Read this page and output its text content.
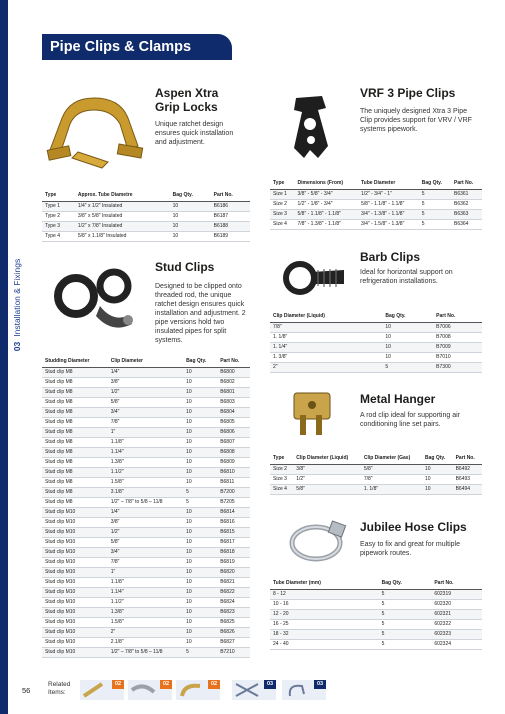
03Installation & Fixings
Pipe Clips & Clamps
Aspen Xtra
Grip Locks
Unique ratchet design ensures quick installation and adjustment.
Type	Approx. Tube Diametre	Bag Qty.	Part No.
Type 1	1/4" x 1/2" Insulated	10	B6186
Type 2	3/8" x 5/8" Insulated	10	B6187
Type 3	1/2" x 7/8" Insulated	10	B6188
Type 4	5/8" x 1.1/8" Insulated	10	B6189
VRF 3 Pipe Clips
The uniquely designed Xtra 3 Pipe Clip provides support for VRV / VRF systems pipework.
Type	Dimensions (From)	Tube Diameter	Bag Qty.	Part No.
Size 1	3/8" - 5/8" - 3/4"	1/2" - 3/4" - 1"	5	B6361
Size 2	1/2" - 1/8" - 3/4"	5/8" - 1.1/8" - 1.1/8"	5	B6362
Size 3	5/8" - 1.1/8" - 1.1/8"	3/4" - 1.3/8" - 1.1/8"	5	B6363
Size 4	7/8" - 1.3/8" - 1.1/8"	3/4" - 1.5/8" - 1.3/8"	5	B6364
Stud Clips
Designed to be clipped onto threaded rod, the unique ratchet design ensures quick installation and adjustment. 2 pipe versions hold two insulated pipes for split systems.
Studding Diameter	Clip Diameter	Bag Qty.	Part No.
Stud clip M8	1/4"	10	B6800
Stud clip M8	3/8"	10	B6802
Stud clip M8	1/2"	10	B6801
Stud clip M8	5/8"	10	B6803
Stud clip M8	3/4"	10	B6804
Stud clip M8	7/8"	10	B6805
Stud clip M8	1"	10	B6806
Stud clip M8	1.1/8"	10	B6807
Stud clip M8	1.1/4"	10	B6808
Stud clip M8	1.3/8"	10	B6809
Stud clip M8	1.1/2"	10	B6810
Stud clip M8	1.5/8"	10	B6811
Stud clip M8	3.1/8"	5	B7200
Stud clip M8	1/2" – 7/8" to 5/8 – 11/8	5	B7205
Stud clip M10	1/4"	10	B6814
Stud clip M10	3/8"	10	B6816
Stud clip M10	1/2"	10	B6815
Stud clip M10	5/8"	10	B6817
Stud clip M10	3/4"	10	B6818
Stud clip M10	7/8"	10	B6819
Stud clip M10	1"	10	B6820
Stud clip M10	1.1/8"	10	B6821
Stud clip M10	1.1/4"	10	B6822
Stud clip M10	1.1/2"	10	B6824
Stud clip M10	1.3/8"	10	B6823
Stud clip M10	1.5/8"	10	B6825
Stud clip M10	2"	10	B6826
Stud clip M10	2.1/8"	10	B6827
Stud clip M10	1/2" – 7/8" to 5/8 – 11/8	5	B7210
Barb Clips
Ideal for horizontal support on refrigeration installations.
Clip Diameter (Liquid)	Bag Qty.	Part No.
7/8"	10	B7006
1. 1/8"	10	B7008
1. 1/4"	10	B7009
1. 3/8"	10	B7010
2"	5	B7300
Metal Hanger
A rod clip ideal for supporting air conditioning line set pairs.
Type	Clip Diameter (Liquid)	Clip Diameter (Gas)	Bag Qty.	Part No.
Size 2	3/8"	5/8"	10	B6492
Size 3	1/2"	7/8"	10	B6493
Size 4	5/8"	1. 1/8"	10	B6494
Jubilee Hose Clips
Easy to fix and great for multiple pipework routes.
Tube Diameter (mm)	Bag Qty.	Part No.
8 - 12	5	602319
10 - 16	5	602320
12 - 20	5	602321
16 - 25	5	602322
18 - 32	5	602323
24 - 40	5	602324
56
Related
Items:
02	02	02	03	03
